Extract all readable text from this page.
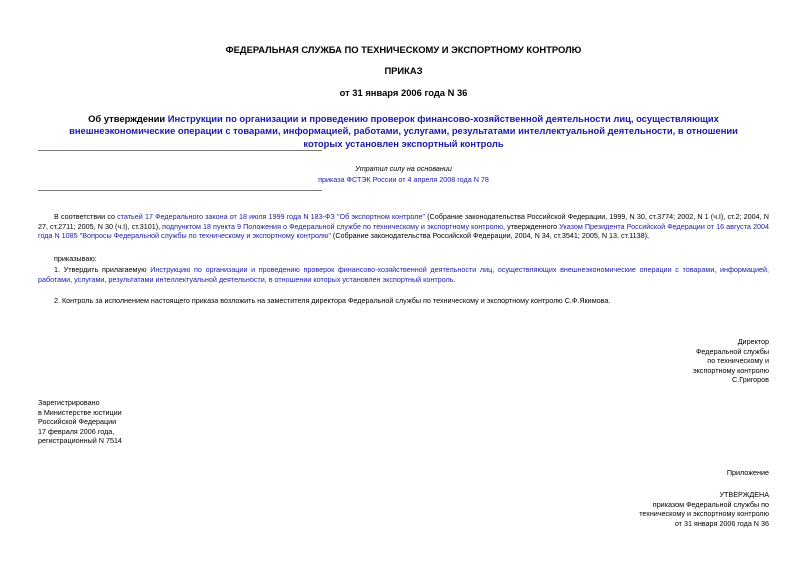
ФЕДЕРАЛЬНАЯ СЛУЖБА ПО ТЕХНИЧЕСКОМУ И ЭКСПОРТНОМУ КОНТРОЛЮ
ПРИКАЗ
от 31 января 2006 года N 36
Об утверждении Инструкции по организации и проведению проверок финансово-хозяйственной деятельности лиц, осуществляющих внешнеэкономические операции с товарами, информацией, работами, услугами, результатами интеллектуальной деятельности, в отношении которых установлен экспортный контроль
Утратил силу на основании
приказа ФСТЭК России от 4 апреля 2008 года N 78
В соответствии со статьей 17 Федерального закона от 18 июля 1999 года N 183-ФЗ "Об экспортном контроле" (Собрание законодательства Российской Федерации, 1999, N 30, ст.3774; 2002, N 1 (ч.I), ст.2; 2004, N 27, ст.2711; 2005, N 30 (ч.I), ст.3101), подпунктом 18 пункта 9 Положения о Федеральной службе по техническому и экспортному контролю, утвержденного Указом Президента Российской Федерации от 16 августа 2004 года N 1085 "Вопросы Федеральной службы по техническому и экспортному контролю" (Собрание законодательства Российской Федерации, 2004, N 34, ст.3541; 2005, N 13, ст.1138),
приказываю:
1. Утвердить прилагаемую Инструкцию по организации и проведению проверок финансово-хозяйственной деятельности лиц, осуществляющих внешнеэкономические операции с товарами, информацией, работами, услугами, результатами интеллектуальной деятельности, в отношении которых установлен экспортный контроль.
2. Контроль за исполнением настоящего приказа возложить на заместителя директора Федеральной службы по техническому и экспортному контролю С.Ф.Якимова.

Директор

Федеральной службы

по техническому и

экспортному контролю

С.Григоров

Зарегистрировано

в Министерстве юстиции

Российской Федерации

17 февраля 2006 года,

регистрационный N 7514

Приложение

УТВЕРЖДЕНА

приказом Федеральной службы по

техническому и экспортному контролю

от 31 января 2006 года N 36
